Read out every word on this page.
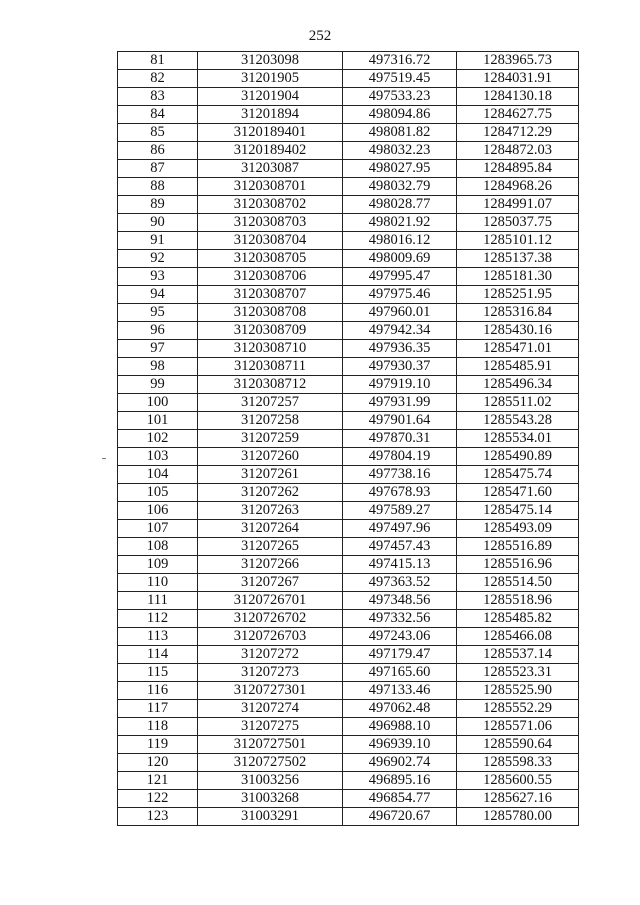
252
81	31203098	497316.72	1283965.73
82	31201905	497519.45	1284031.91
83	31201904	497533.23	1284130.18
84	31201894	498094.86	1284627.75
85	3120189401	498081.82	1284712.29
86	3120189402	498032.23	1284872.03
87	31203087	498027.95	1284895.84
88	3120308701	498032.79	1284968.26
89	3120308702	498028.77	1284991.07
90	3120308703	498021.92	1285037.75
91	3120308704	498016.12	1285101.12
92	3120308705	498009.69	1285137.38
93	3120308706	497995.47	1285181.30
94	3120308707	497975.46	1285251.95
95	3120308708	497960.01	1285316.84
96	3120308709	497942.34	1285430.16
97	3120308710	497936.35	1285471.01
98	3120308711	497930.37	1285485.91
99	3120308712	497919.10	1285496.34
100	31207257	497931.99	1285511.02
101	31207258	497901.64	1285543.28
102	31207259	497870.31	1285534.01
103	31207260	497804.19	1285490.89
104	31207261	497738.16	1285475.74
105	31207262	497678.93	1285471.60
106	31207263	497589.27	1285475.14
107	31207264	497497.96	1285493.09
108	31207265	497457.43	1285516.89
109	31207266	497415.13	1285516.96
110	31207267	497363.52	1285514.50
111	3120726701	497348.56	1285518.96
112	3120726702	497332.56	1285485.82
113	3120726703	497243.06	1285466.08
114	31207272	497179.47	1285537.14
115	31207273	497165.60	1285523.31
116	3120727301	497133.46	1285525.90
117	31207274	497062.48	1285552.29
118	31207275	496988.10	1285571.06
119	3120727501	496939.10	1285590.64
120	3120727502	496902.74	1285598.33
121	31003256	496895.16	1285600.55
122	31003268	496854.77	1285627.16
123	31003291	496720.67	1285780.00
